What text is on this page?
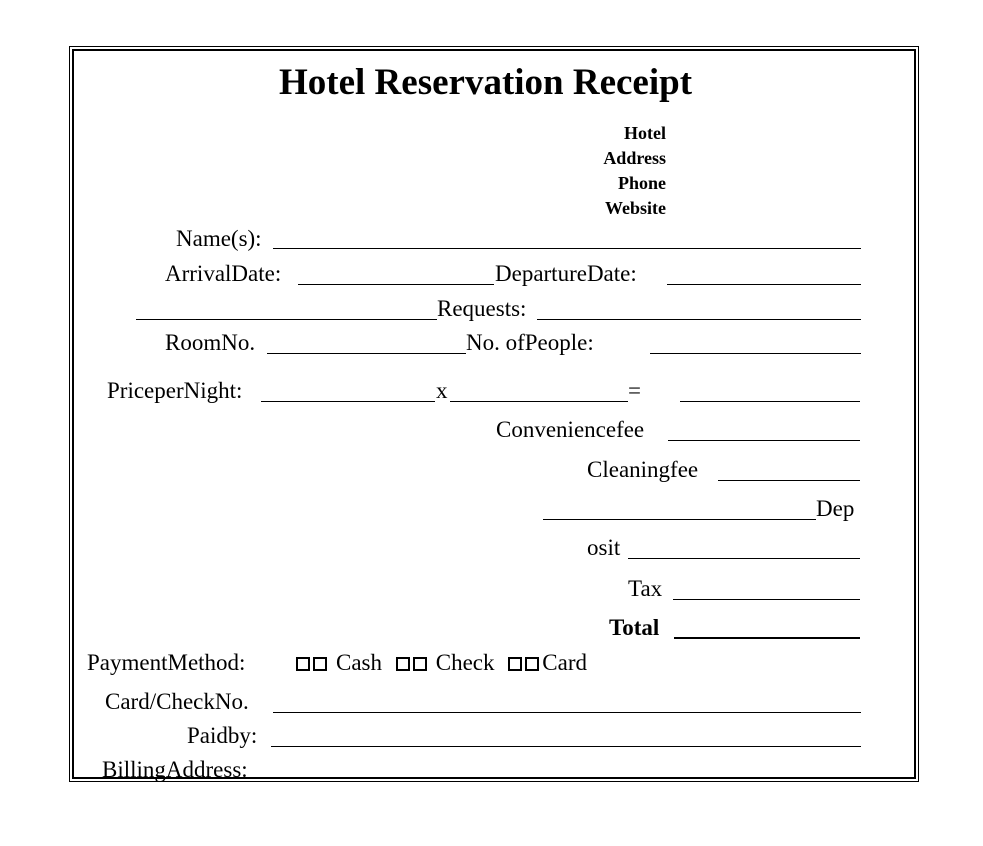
Hotel Reservation Receipt
Hotel
Address
Phone
Website
Name(s):
ArrivalDate:	DepartureDate:
Requests:
RoomNo.	No. ofPeople:
PriceperNight:	x	=
Conveniencefee
Cleaningfee
Dep
osit
Tax
Total
PaymentMethod:	Cash Check Card
Card/CheckNo.
Paidby:
BillingAddress:
